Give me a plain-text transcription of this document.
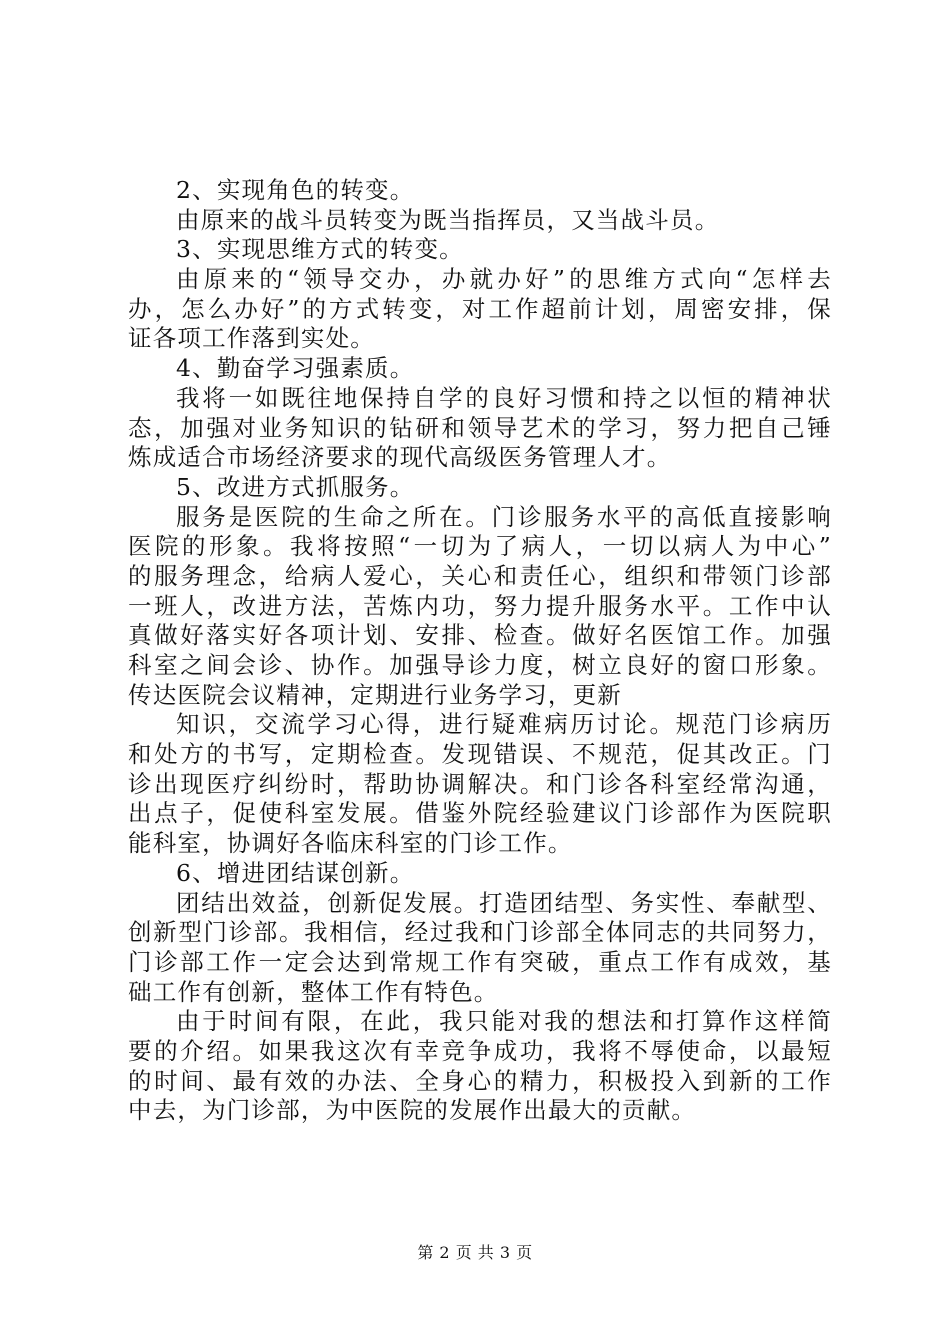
2、实现角色的转变。
由原来的战斗员转变为既当指挥员，又当战斗员。
3、实现思维方式的转变。
由原来的“领导交办，办就办好”的思维方式向“怎样去
办，怎么办好”的方式转变，对工作超前计划，周密安排，保
证各项工作落到实处。
4、勤奋学习强素质。
我将一如既往地保持自学的良好习惯和持之以恒的精神状
态，加强对业务知识的钻研和领导艺术的学习，努力把自己锤
炼成适合市场经济要求的现代高级医务管理人才。
5、改进方式抓服务。
服务是医院的生命之所在。门诊服务水平的高低直接影响
医院的形象。我将按照“一切为了病人，一切以病人为中心”
的服务理念，给病人爱心，关心和责任心，组织和带领门诊部
一班人，改进方法，苦炼内功，努力提升服务水平。工作中认
真做好落实好各项计划、安排、检查。做好名医馆工作。加强
科室之间会诊、协作。加强导诊力度，树立良好的窗口形象。
传达医院会议精神，定期进行业务学习，更新
知识，交流学习心得，进行疑难病历讨论。规范门诊病历
和处方的书写，定期检查。发现错误、不规范，促其改正。门
诊出现医疗纠纷时，帮助协调解决。和门诊各科室经常沟通，
出点子，促使科室发展。借鉴外院经验建议门诊部作为医院职
能科室，协调好各临床科室的门诊工作。
6、增进团结谋创新。
团结出效益，创新促发展。打造团结型、务实性、奉献型、
创新型门诊部。我相信，经过我和门诊部全体同志的共同努力，
门诊部工作一定会达到常规工作有突破，重点工作有成效，基
础工作有创新，整体工作有特色。
由于时间有限，在此，我只能对我的想法和打算作这样简
要的介绍。如果我这次有幸竞争成功，我将不辱使命，以最短
的时间、最有效的办法、全身心的精力，积极投入到新的工作
中去，为门诊部，为中医院的发展作出最大的贡献。
第 2 页 共 3 页
